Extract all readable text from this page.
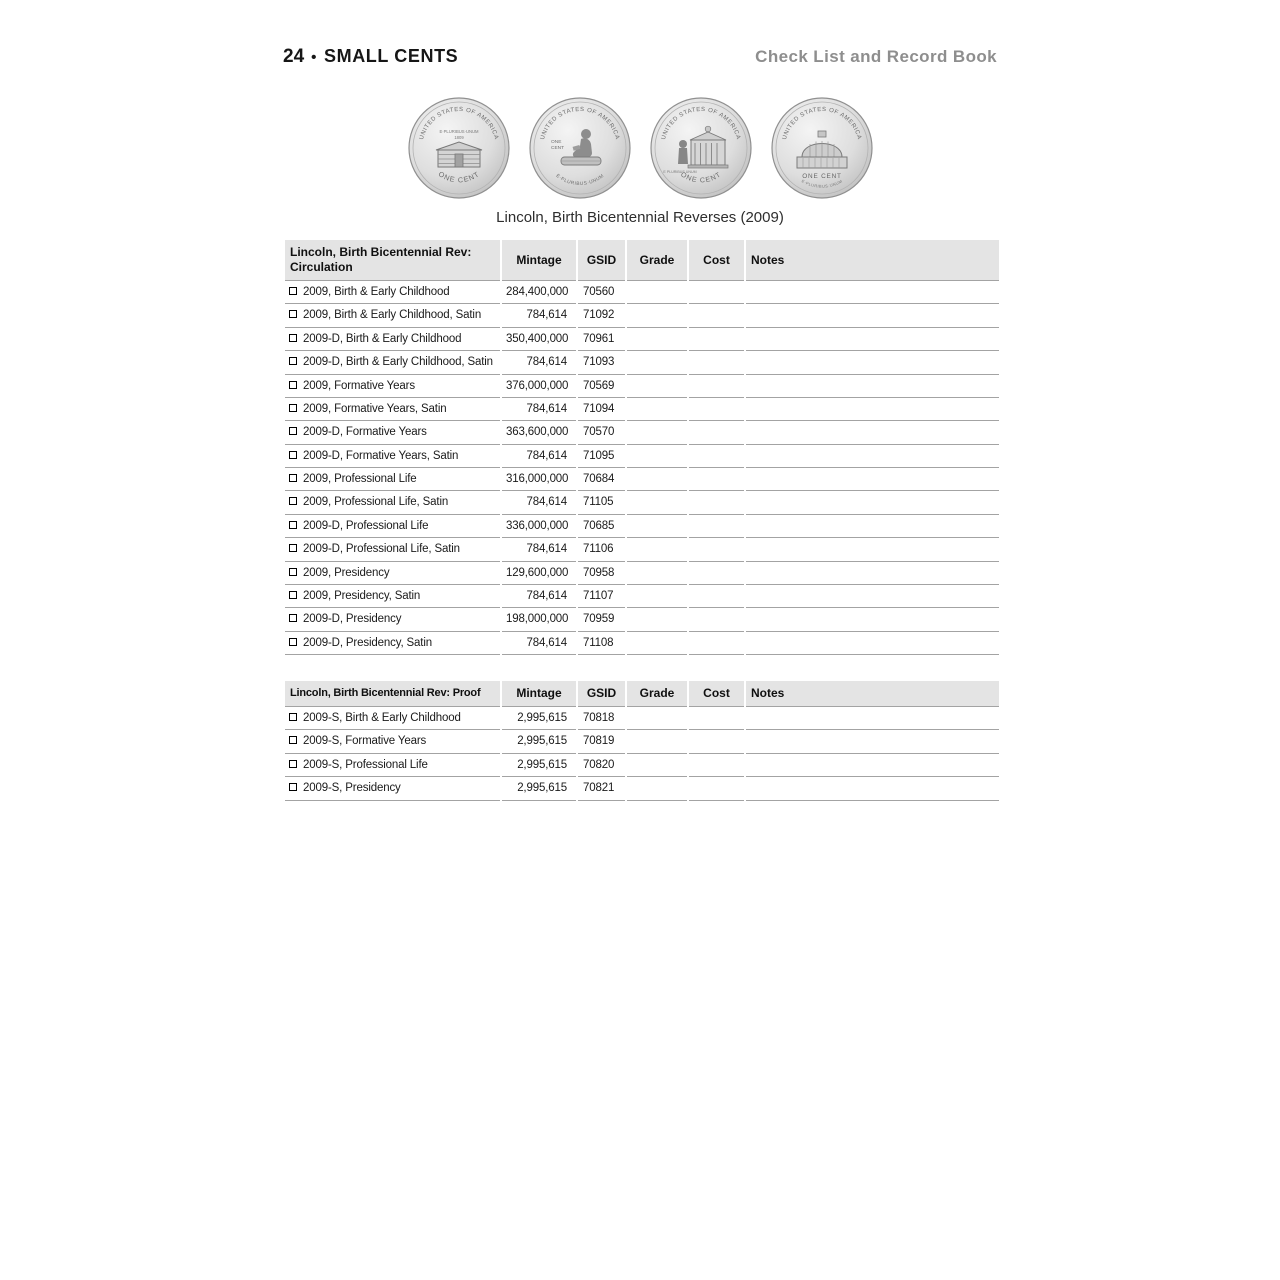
24 • SMALL CENTS	Check List and Record Book
UNITED STATES OF AMERICA
E·PLURIBUS·UNUM
1809
ONE CENT
UNITED STATES OF AMERICA
ONE
CENT
E·PLURIBUS·UNUM
UNITED STATES OF AMERICA
E PLURIBUS UNUM
ONE CENT
UNITED STATES OF AMERICA
ONE CENT
E·PLURIBUS·UNUM
Lincoln, Birth Bicentennial Reverses (2009)
Lincoln, Birth Bicentennial Rev: Circulation	Mintage	GSID	Grade	Cost	Notes

2009, Birth & Early Childhood	284,400,000	70560			

2009, Birth & Early Childhood, Satin	784,614	71092			

2009-D, Birth & Early Childhood	350,400,000	70961			

2009-D, Birth & Early Childhood, Satin	784,614	71093			

2009, Formative Years	376,000,000	70569			

2009, Formative Years, Satin	784,614	71094			

2009-D, Formative Years	363,600,000	70570			

2009-D, Formative Years, Satin	784,614	71095			

2009, Professional Life	316,000,000	70684			

2009, Professional Life, Satin	784,614	71105			

2009-D, Professional Life	336,000,000	70685			

2009-D, Professional Life, Satin	784,614	71106			

2009, Presidency	129,600,000	70958			

2009, Presidency, Satin	784,614	71107			

2009-D, Presidency	198,000,000	70959			

2009-D, Presidency, Satin	784,614	71108			
Lincoln, Birth Bicentennial Rev: Proof	Mintage	GSID	Grade	Cost	Notes

2009-S, Birth & Early Childhood	2,995,615	70818			

2009-S, Formative Years	2,995,615	70819			

2009-S, Professional Life	2,995,615	70820			

2009-S, Presidency	2,995,615	70821			
